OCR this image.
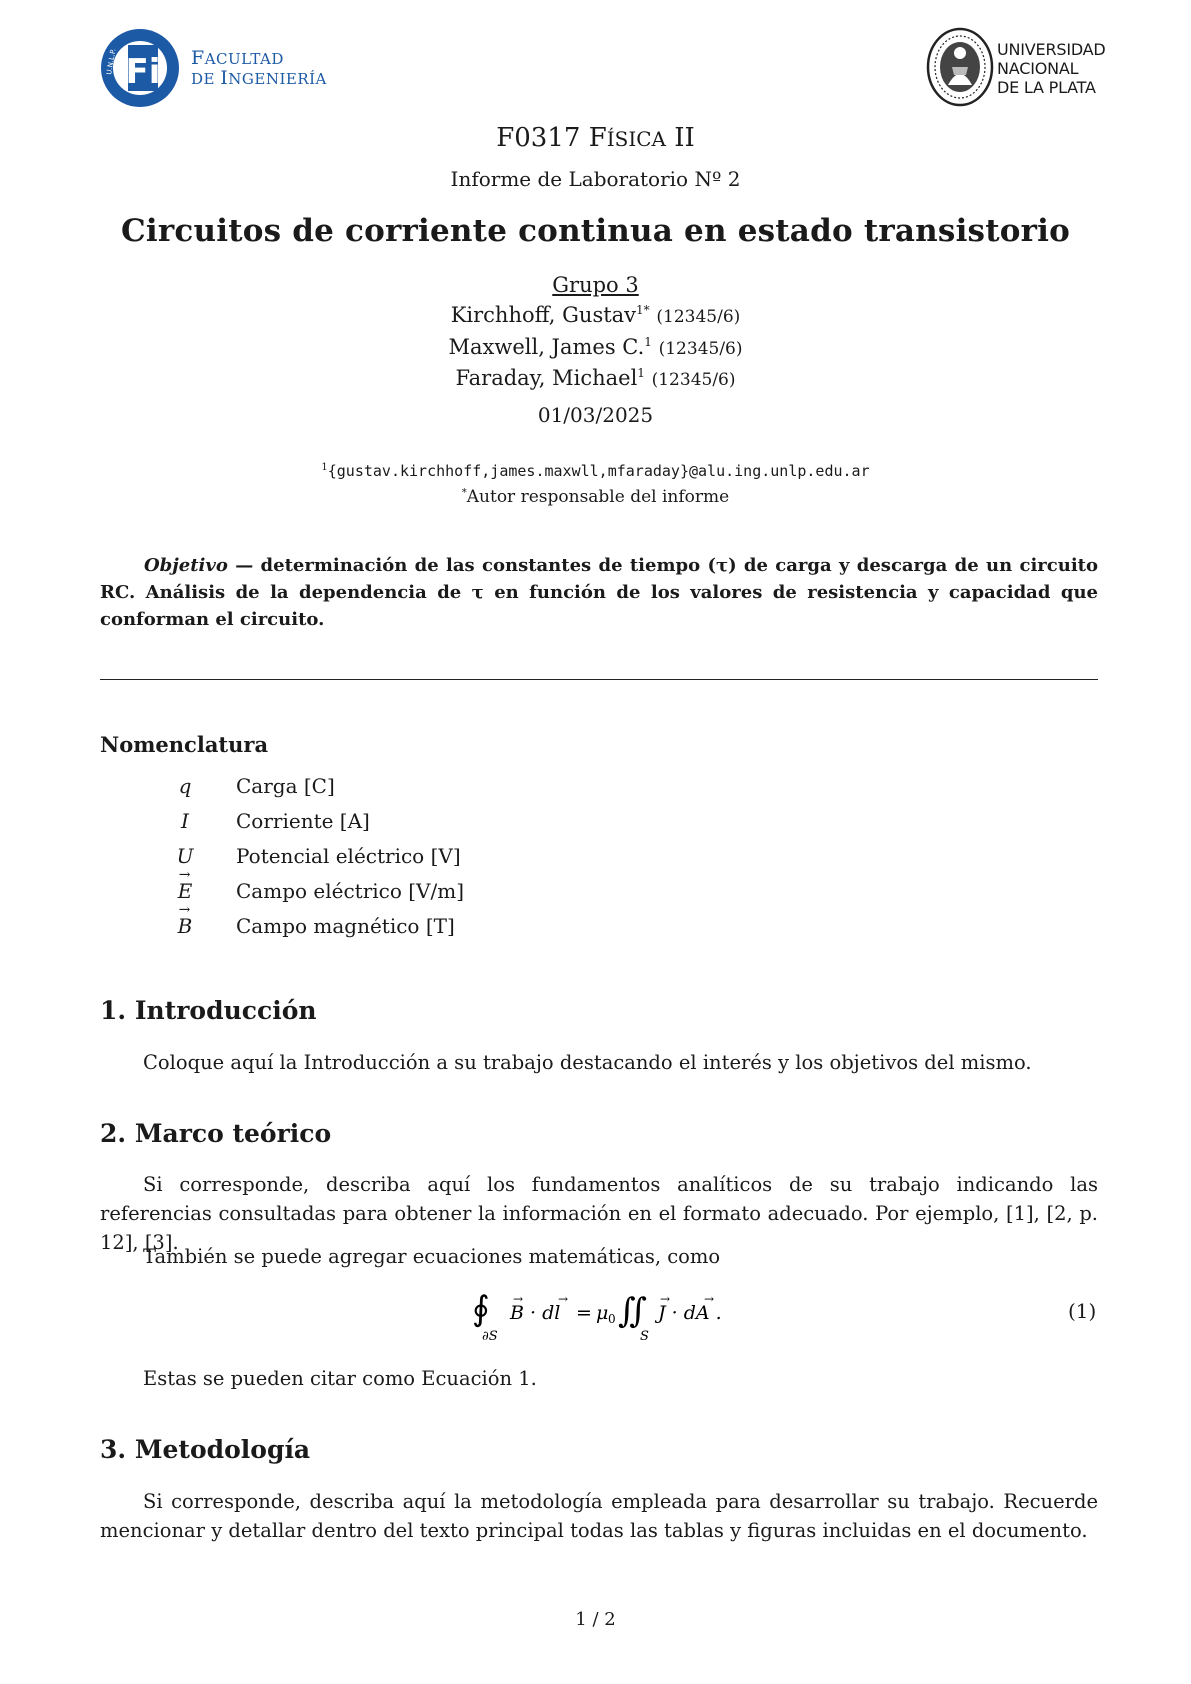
Fi
U.N.L.P.	FACULTAD
DE INGENIERÍA
UNIVERSIDAD
NACIONAL
DE LA PLATA
F0317 FÍSICA II
Informe de Laboratorio Nº 2
Circuitos de corriente continua en estado transistorio
Grupo 3
Kirchhoff, Gustav$^{1*}$ (12345/6)
Maxwell, James C.$^1$ (12345/6)
Faraday, Michael$^1$ (12345/6)
01/03/2025
$^1${gustav.kirchhoff,james.maxwll,mfaraday}@alu.ing.unlp.edu.ar
*Autor responsable del informe
Objetivo — determinación de las constantes de tiempo (τ) de carga y descarga de un circuito RC. Análisis de la dependencia de τ en función de los valores de resistencia y capacidad que conforman el circuito.
Nomenclatura
q	Carga [C]
I	Corriente [A]
U	Potencial eléctrico [V]
→
E	Campo eléctrico [V/m]
→
B	Campo magnético [T]
1. Introducción
Coloque aquí la Introducción a su trabajo destacando el interés y los objetivos del mismo.
2. Marco teórico
Si corresponde, describa aquí los fundamentos analíticos de su trabajo indicando las referencias consultadas para obtener la información en el formato adecuado. Por ejemplo, [1], [2, p. 12], [3].
También se puede agregar ecuaciones matemáticas, como
∮
∂S
B · dl
→	→
= μ 0 ∬
S
J · dA .
→	→	(1)
Estas se pueden citar como Ecuación 1.
3. Metodología
Si corresponde, describa aquí la metodología empleada para desarrollar su trabajo. Recuerde mencionar y detallar dentro del texto principal todas las tablas y figuras incluidas en el documento.
1 / 2
